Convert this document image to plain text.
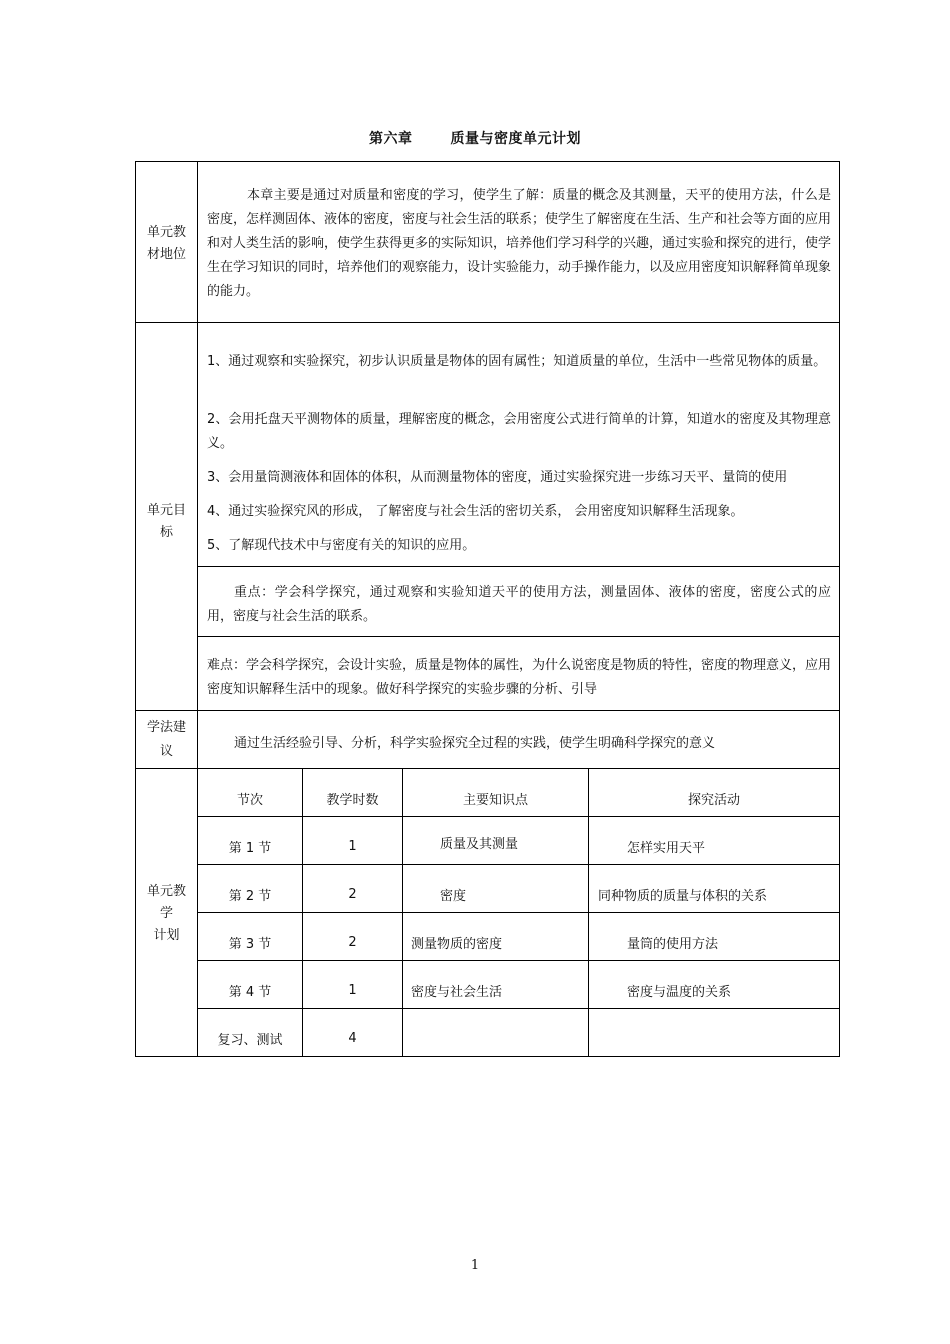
第六章	质量与密度单元计划
单元教
材地位
本章主要是通过对质量和密度的学习，使学生了解：质量的概念及其测量，天平的使用方法，什么是密度，怎样测固体、液体的密度，密度与社会生活的联系；使学生了解密度在生活、生产和社会等方面的应用和对人类生活的影响，使学生获得更多的实际知识，培养他们学习科学的兴趣，通过实验和探究的进行，使学生在学习知识的同时，培养他们的观察能力，设计实验能力，动手操作能力，以及应用密度知识解释简单现象的能力。
单元目
标
1、通过观察和实验探究，初步认识质量是物体的固有属性；知道质量的单位，生活中一些常见物体的质量。
2、会用托盘天平测物体的质量，理解密度的概念，会用密度公式进行简单的计算，知道水的密度及其物理意义。
3、会用量筒测液体和固体的体积，从而测量物体的密度，通过实验探究进一步练习天平、量筒的使用
4、通过实验探究风的形成， 了解密度与社会生活的密切关系， 会用密度知识解释生活现象。
5、了解现代技术中与密度有关的知识的应用。
重点：学会科学探究，通过观察和实验知道天平的使用方法，测量固体、液体的密度，密度公式的应用，密度与社会生活的联系。
难点：学会科学探究，会设计实验，质量是物体的属性，为什么说密度是物质的特性，密度的物理意义，应用密度知识解释生活中的现象。做好科学探究的实验步骤的分析、引导
学法建
议
通过生活经验引导、分析，科学实验探究全过程的实践，使学生明确科学探究的意义
单元教
学
计划
节次	教学时数	主要知识点	探究活动
第 1 节	1	质量及其测量	怎样实用天平
第 2 节	2	密度	同种物质的质量与体积的关系
第 3 节	2	测量物质的密度	量筒的使用方法
第 4 节	1	密度与社会生活	密度与温度的关系
复习、测试	4
1
